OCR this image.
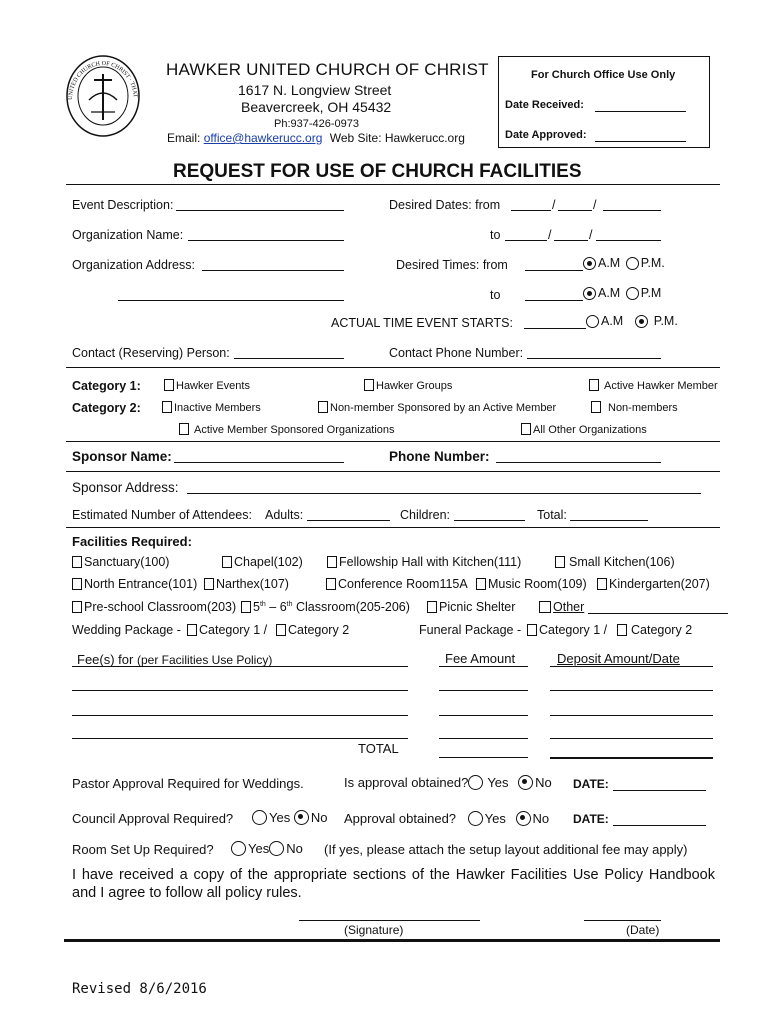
UNITED CHURCH OF CHRIST · THAT
HAWKER UNITED CHURCH OF CHRIST
1617 N. Longview Street
Beavercreek, OH 45432
Ph:937-426-0973
Email: office@hawkerucc.org Web Site: Hawkerucc.org
For Church Office Use Only
Date Received:
Date Approved:
REQUEST FOR USE OF CHURCH FACILITIES
Event Description:	Desired Dates: from	/	/
Organization Name:	to	/	/
Organization Address:	Desired Times: from	A.M P.M.
to	A.M P.M
ACTUAL TIME EVENT STARTS:	A.M P.M.
Contact (Reserving) Person:	Contact Phone Number:
Category 1:	Hawker Events	Hawker Groups	Active Hawker Member
Category 2:	Inactive Members	Non-member Sponsored by an Active Member	Non-members
Active Member Sponsored Organizations	All Other Organizations
Sponsor Name:	Phone Number:
Sponsor Address:
Estimated Number of Attendees: Adults:	Children:	Total:
Facilities Required:
Sanctuary(100)	Chapel(102)	Fellowship Hall with Kitchen(111)	Small Kitchen(106)
North Entrance(101)	Narthex(107)	Conference Room115A	Music Room(109)	Kindergarten(207)
Pre-school Classroom(203)	5th – 6th Classroom(205-206)	Picnic Shelter	Other
Wedding Package -	Category 1 /	Category 2	Funeral Package -	Category 1 /	Category 2
Fee(s) for (per Facilities Use Policy)	Fee Amount	Deposit Amount/Date
TOTAL
Pastor Approval Required for Weddings.	Is approval obtained? Yes No DATE:
Council Approval Required?	Yes No Approval obtained? Yes No DATE:
Room Set Up Required?	Yes No (If yes, please attach the setup layout additional fee may apply)
I have received a copy of the appropriate sections of the Hawker Facilities Use Policy Handbook and I agree to follow all policy rules.
(Signature)	(Date)
Revised 8/6/2016
